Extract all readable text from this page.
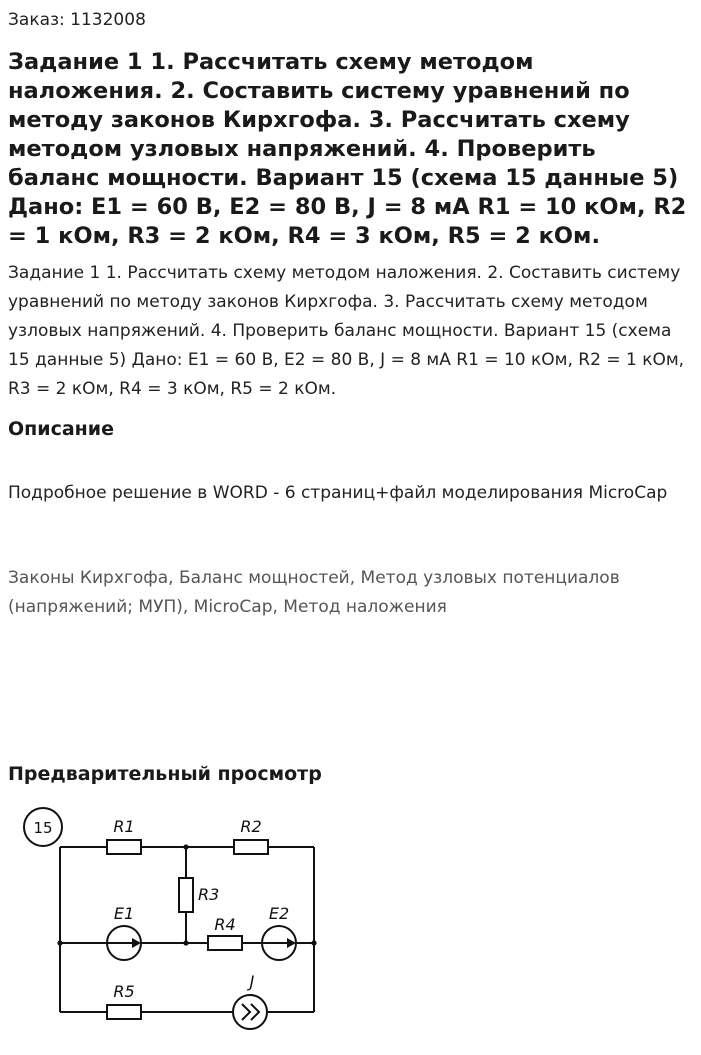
Заказ: 1132008
Задание 1 1. Рассчитать схему методом наложения. 2. Составить систему уравнений по методу законов Кирхгофа. 3. Рассчитать схему методом узловых напряжений. 4. Проверить баланс мощности. Вариант 15 (схема 15 данные 5) Дано: E1 = 60 В, E2 = 80 В, J = 8 мА R1 = 10 кОм, R2 = 1 кОм, R3 = 2 кОм, R4 = 3 кОм, R5 = 2 кОм.
Задание 1 1. Рассчитать схему методом наложения. 2. Составить систему уравнений по методу законов Кирхгофа. 3. Рассчитать схему методом узловых напряжений. 4. Проверить баланс мощности. Вариант 15 (схема 15 данные 5) Дано: E1 = 60 В, E2 = 80 В, J = 8 мА R1 = 10 кОм, R2 = 1 кОм, R3 = 2 кОм, R4 = 3 кОм, R5 = 2 кОм.
Описание
Подробное решение в WORD - 6 страниц+файл моделирования MicroCap
Законы Кирхгофа, Баланс мощностей, Метод узловых потенциалов (напряжений; МУП), MicroCap, Метод наложения
Предварительный просмотр
15	R1	R2
R3
R4
E1	E2
R5
J
